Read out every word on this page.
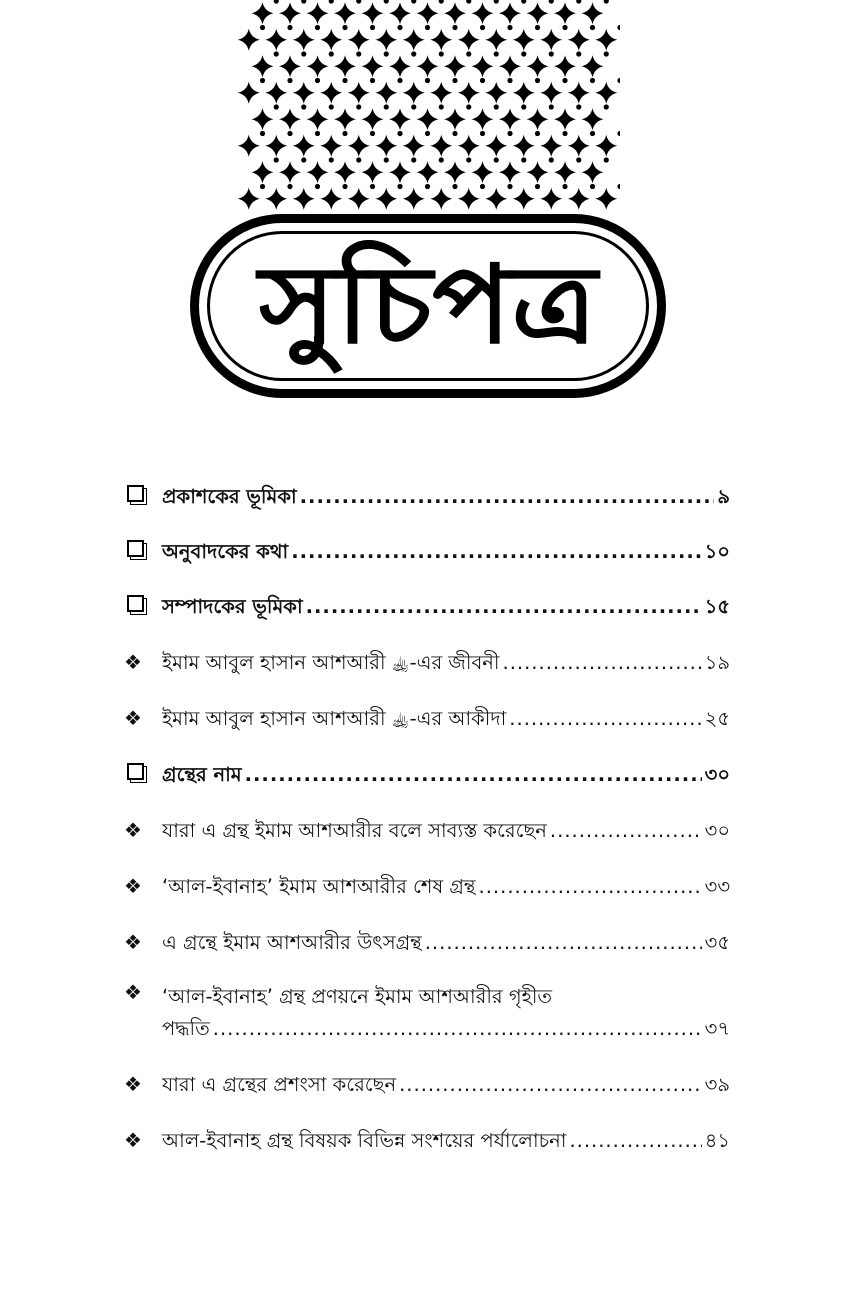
সুচিপত্র
প্রকাশকের ভূমিকা .....	৯
অনুবাদকের কথা .....	১০
সম্পাদকের ভূমিকা .....	১৫
❖	ইমাম আবুল হাসান আশআরী ﵀-এর জীবনী .....	১৯
❖	ইমাম আবুল হাসান আশআরী ﵀-এর আকীদা .....	২৫
গ্রন্থের নাম .....	৩০
❖	যারা এ গ্রন্থ ইমাম আশআরীর বলে সাব্যস্ত করেছেন .....	৩০
❖	‘আল-ইবানাহ’ ইমাম আশআরীর শেষ গ্রন্থ .....	৩৩
❖	এ গ্রন্থে ইমাম আশআরীর উৎসগ্রন্থ .....	৩৫
❖	‘আল-ইবানাহ’ গ্রন্থ প্রণয়নে ইমাম আশআরীর গৃহীত
পদ্ধতি .....	৩৭
❖	যারা এ গ্রন্থের প্রশংসা করেছেন .....	৩৯
❖	আল-ইবানাহ গ্রন্থ বিষয়ক বিভিন্ন সংশয়ের পর্যালোচনা .....	৪১
